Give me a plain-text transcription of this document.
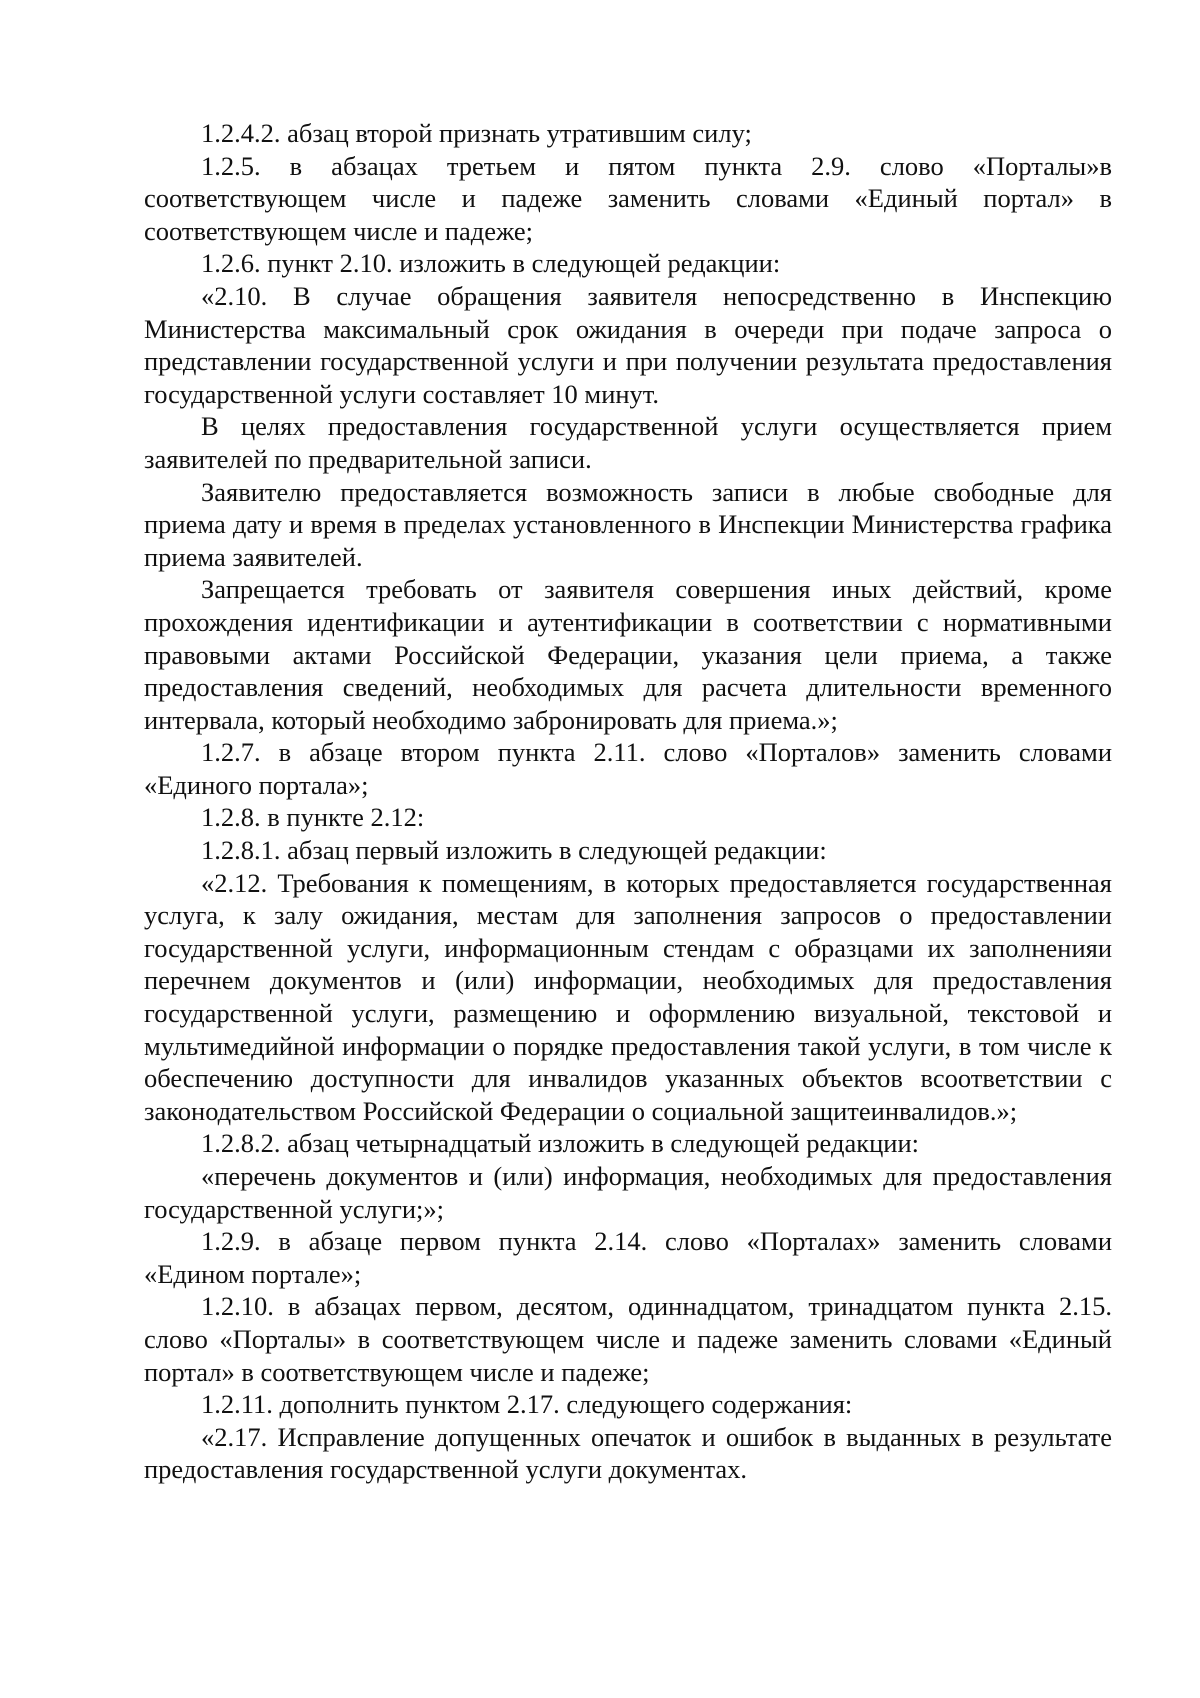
1.2.4.2. абзац второй признать утратившим силу;

1.2.5. в абзацах третьем и пятом пункта 2.9. слово «Порталы»в соответствующем числе и падеже заменить словами «Единый портал» в соответствующем числе и падеже;

1.2.6. пункт 2.10. изложить в следующей редакции:

«2.10. В случае обращения заявителя непосредственно в Инспекцию Министерства максимальный срок ожидания в очереди при подаче запроса о представлении государственной услуги и при получении результата предоставления государственной услуги составляет 10 минут.

В целях предоставления государственной услуги осуществляется прием заявителей по предварительной записи.

Заявителю предоставляется возможность записи в любые свободные для приема дату и время в пределах установленного в Инспекции Министерства графика приема заявителей.

Запрещается требовать от заявителя совершения иных действий, кроме прохождения идентификации и аутентификации в соответствии с нормативными правовыми актами Российской Федерации, указания цели приема, а также предоставления сведений, необходимых для расчета длительности временного интервала, который необходимо забронировать для приема.»;

1.2.7. в абзаце втором пункта 2.11. слово «Порталов» заменить словами «Единого портала»;

1.2.8. в пункте 2.12:

1.2.8.1. абзац первый изложить в следующей редакции:

«2.12. Требования к помещениям, в которых предоставляется государственная услуга, к залу ожидания, местам для заполнения запросов о предоставлении государственной услуги, информационным стендам с образцами их заполненияи перечнем документов и (или) информации, необходимых для предоставления государственной услуги, размещению и оформлению визуальной, текстовой и мультимедийной информации о порядке предоставления такой услуги, в том числе к обеспечению доступности для инвалидов указанных объектов всоответствии с законодательством Российской Федерации о социальной защитеинвалидов.»;

1.2.8.2. абзац четырнадцатый изложить в следующей редакции:

«перечень документов и (или) информация, необходимых для предоставления государственной услуги;»;

1.2.9. в абзаце первом пункта 2.14. слово «Порталах» заменить словами «Едином портале»;

1.2.10. в абзацах первом, десятом, одиннадцатом, тринадцатом пункта 2.15. слово «Порталы» в соответствующем числе и падеже заменить словами «Единый портал» в соответствующем числе и падеже;

1.2.11. дополнить пунктом 2.17. следующего содержания:

«2.17. Исправление допущенных опечаток и ошибок в выданных в результате предоставления государственной услуги документах.
